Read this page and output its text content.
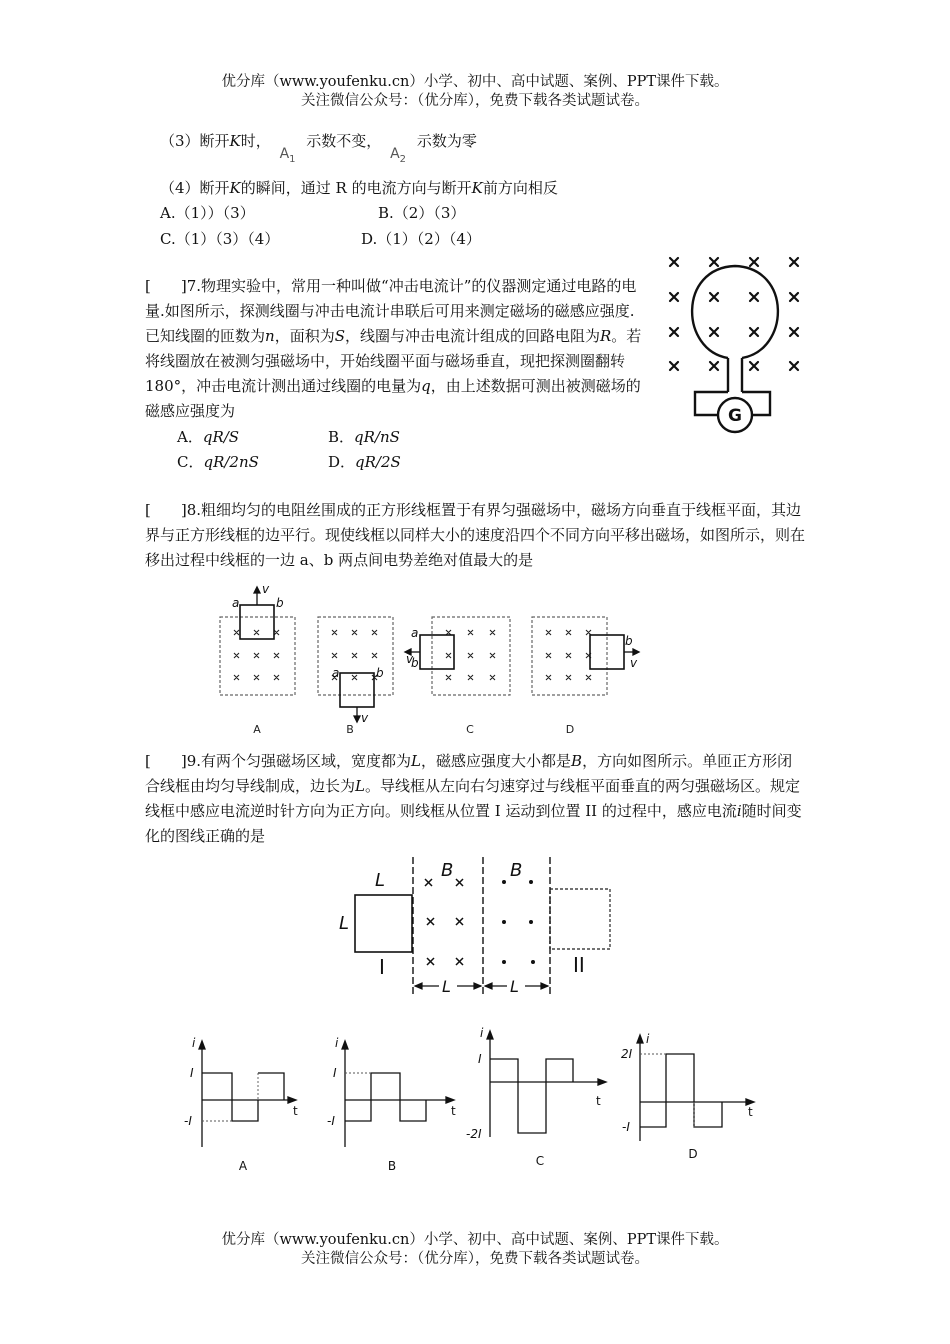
优分库（www.youfenku.cn）小学、初中、高中试题、案例、PPT课件下载。
关注微信公众号：（优分库），免费下载各类试题试卷。
（3）断开K时， $A_1$ 示数不变， $A_2$ 示数为零
（4）断开K的瞬间，通过 R 的电流方向与断开K前方向相反
A.（1））（3）	B.（2）（3）
C.（1）（3）（4）	D.（1）（2）（4）
[　　]7.物理实验中，常用一种叫做“冲击电流计”的仪器测定通过电路的电量.如图所示，探测线圈与冲击电流计串联后可用来测定磁场的磁感应强度.已知线圈的匝数为n，面积为S，线圈与冲击电流计组成的回路电阻为R。若将线圈放在被测匀强磁场中，开始线圈平面与磁场垂直，现把探测圈翻转 180°，冲击电流计测出通过线圈的电量为q，由上述数据可测出被测磁场的磁感应强度为
A．qR/S	B．qR/nS
C．qR/2nS	D．qR/2S
G
[　　]8.粗细均匀的电阻丝围成的正方形线框置于有界匀强磁场中，磁场方向垂直于线框平面，其边界与正方形线框的边平行。现使线框以同样大小的速度沿四个不同方向平移出磁场，如图所示，则在移出过程中线框的一边 a、b 两点间电势差绝对值最大的是
a	b
v
a	b
v
a
b
v
b
v
A	B	C	D
[　　]9.有两个匀强磁场区域，宽度都为L，磁感应强度大小都是B，方向如图所示。单匝正方形闭合线框由均匀导线制成，边长为L。导线框从左向右匀速穿过与线框平面垂直的两匀强磁场区。规定线框中感应电流逆时针方向为正方向。则线框从位置 I 运动到位置 II 的过程中，感应电流i随时间变化的图线正确的是
L
L
B	B
L	L
I	II
i
I
-I
t
A
i
I
-I
t
B
i
I
-2I
t
C
i
2I
-I
t
D
优分库（www.youfenku.cn）小学、初中、高中试题、案例、PPT课件下载。
关注微信公众号：（优分库），免费下载各类试题试卷。
